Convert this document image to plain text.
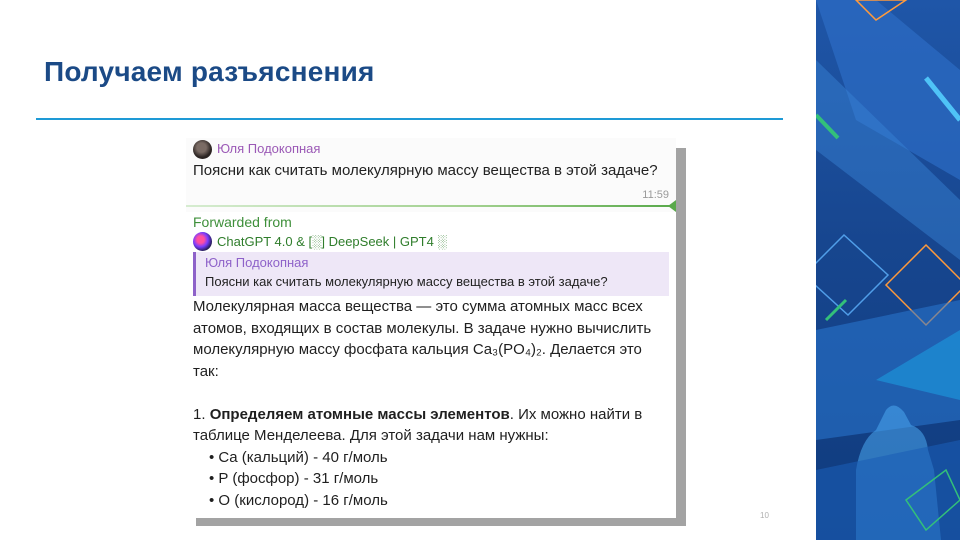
Получаем разъяснения
Юля Подокопная
Поясни как считать молекулярную массу вещества в этой задаче?
11:59
Forwarded from
ChatGPT 4.0 & [░] DeepSeek | GPT4 ░
Юля Подокопная
Поясни как считать молекулярную массу вещества в этой задаче?

Молекулярная масса вещества — это сумма атомных масс всех атомов, входящих в состав молекулы. В задаче нужно вычислить молекулярную массу фосфата кальция Ca₃(PO₄)₂. Делается это так:

1. Определяем атомные массы элементов. Их можно найти в таблице Менделеева. Для этой задачи нам нужны:

• Ca (кальций) - 40 г/моль
• P (фосфор) - 31 г/моль
• O (кислород) - 16 г/моль
10
